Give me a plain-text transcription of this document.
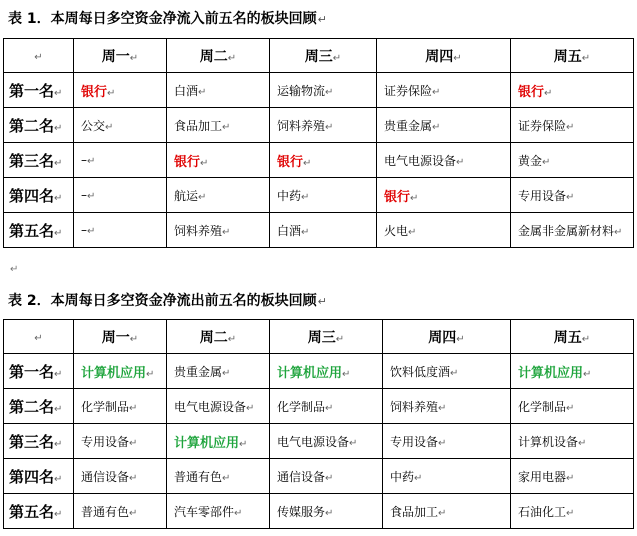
表 1．本周每日多空资金净流入前五名的板块回顾↵
↵	周一↵	周二↵	周三↵	周四↵	周五↵
第一名↵	银行↵	白酒↵	运输物流↵	证券保险↵	银行↵
第二名↵	公交↵	食品加工↵	饲料养殖↵	贵重金属↵	证券保险↵
第三名↵	–↵	银行↵	银行↵	电气电源设备↵	黄金↵
第四名↵	–↵	航运↵	中药↵	银行↵	专用设备↵
第五名↵	–↵	饲料养殖↵	白酒↵	火电↵	金属非金属新材料↵
↵
表 2．本周每日多空资金净流出前五名的板块回顾↵
↵	周一↵	周二↵	周三↵	周四↵	周五↵
第一名↵	计算机应用↵	贵重金属↵	计算机应用↵	饮料低度酒↵	计算机应用↵
第二名↵	化学制品↵	电气电源设备↵	化学制品↵	饲料养殖↵	化学制品↵
第三名↵	专用设备↵	计算机应用↵	电气电源设备↵	专用设备↵	计算机设备↵
第四名↵	通信设备↵	普通有色↵	通信设备↵	中药↵	家用电器↵
第五名↵	普通有色↵	汽车零部件↵	传媒服务↵	食品加工↵	石油化工↵
